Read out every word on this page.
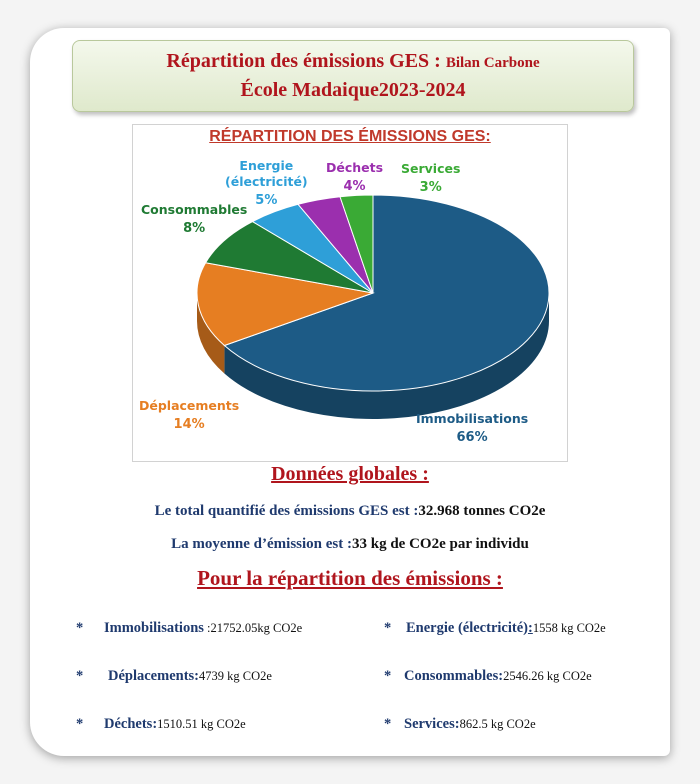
Répartition des émissions GES : Bilan Carbone
École Madaique2023-2024
RÉPARTITION DES ÉMISSIONS GES:
Energie
(électricité)
5%
Déchets
4%
Services
3%
Consommables
8%
Déplacements
14%	Immobilisations
66%
Données globales :
Le total quantifié des émissions GES est :32.968 tonnes CO2e
La moyenne d’émission est :33 kg de CO2e par individu
Pour la répartition des émissions :
* Immobilisations :21752.05kg CO2e	* Energie (électricité):1558 kg CO2e
* Déplacements:4739 kg CO2e	* Consommables:2546.26 kg CO2e
* Déchets:1510.51 kg CO2e	* Services:862.5 kg CO2e
